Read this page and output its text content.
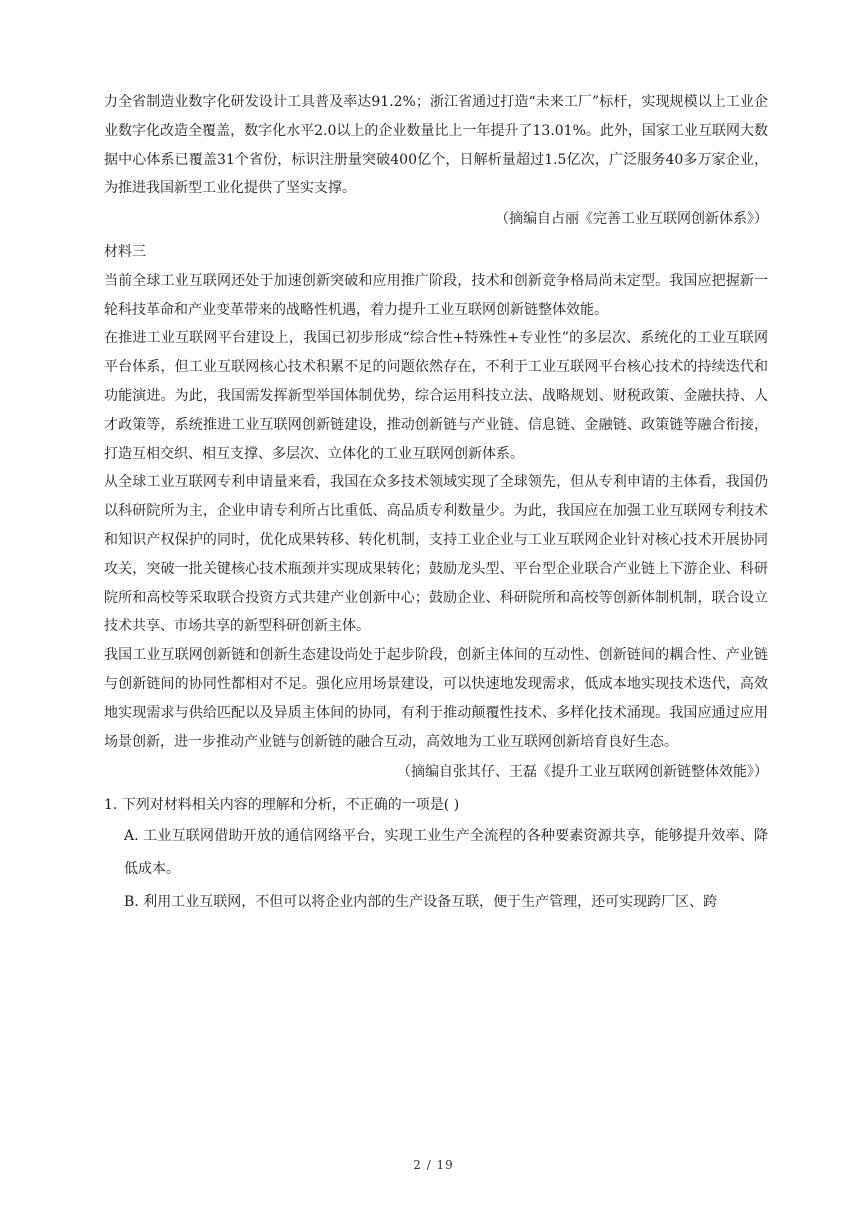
力全省制造业数字化研发设计工具普及率达91.2%；浙江省通过打造“未来工厂”标杆，实现规模以上工业企业数字化改造全覆盖，数字化水平2.0以上的企业数量比上一年提升了13.01%。此外，国家工业互联网大数据中心体系已覆盖31个省份，标识注册量突破400亿个，日解析量超过1.5亿次，广泛服务40多万家企业，为推进我国新型工业化提供了坚实支撑。

（摘编自占丽《完善工业互联网创新体系》）

材料三

当前全球工业互联网还处于加速创新突破和应用推广阶段，技术和创新竞争格局尚未定型。我国应把握新一轮科技革命和产业变革带来的战略性机遇，着力提升工业互联网创新链整体效能。

在推进工业互联网平台建设上，我国已初步形成“综合性+特殊性+专业性”的多层次、系统化的工业互联网平台体系，但工业互联网核心技术积累不足的问题依然存在，不利于工业互联网平台核心技术的持续迭代和功能演进。为此，我国需发挥新型举国体制优势，综合运用科技立法、战略规划、财税政策、金融扶持、人才政策等，系统推进工业互联网创新链建设，推动创新链与产业链、信息链、金融链、政策链等融合衔接，打造互相交织、相互支撑、多层次、立体化的工业互联网创新体系。

从全球工业互联网专利申请量来看，我国在众多技术领域实现了全球领先，但从专利申请的主体看，我国仍以科研院所为主，企业申请专利所占比重低、高品质专利数量少。为此，我国应在加强工业互联网专利技术和知识产权保护的同时，优化成果转移、转化机制，支持工业企业与工业互联网企业针对核心技术开展协同攻关，突破一批关键核心技术瓶颈并实现成果转化；鼓励龙头型、平台型企业联合产业链上下游企业、科研院所和高校等采取联合投资方式共建产业创新中心；鼓励企业、科研院所和高校等创新体制机制，联合设立技术共享、市场共享的新型科研创新主体。

我国工业互联网创新链和创新生态建设尚处于起步阶段，创新主体间的互动性、创新链间的耦合性、产业链与创新链间的协同性都相对不足。强化应用场景建设，可以快速地发现需求，低成本地实现技术迭代，高效地实现需求与供给匹配以及异质主体间的协同，有利于推动颠覆性技术、多样化技术涌现。我国应通过应用场景创新，进一步推动产业链与创新链的融合互动，高效地为工业互联网创新培育良好生态。

（摘编自张其仔、王磊《提升工业互联网创新链整体效能》）

1. 下列对材料相关内容的理解和分析，不正确的一项是( )

A. 工业互联网借助开放的通信网络平台，实现工业生产全流程的各种要素资源共享，能够提升效率、降低成本。

B. 利用工业互联网，不但可以将企业内部的生产设备互联，便于生产管理，还可实现跨厂区、跨

2 / 19
